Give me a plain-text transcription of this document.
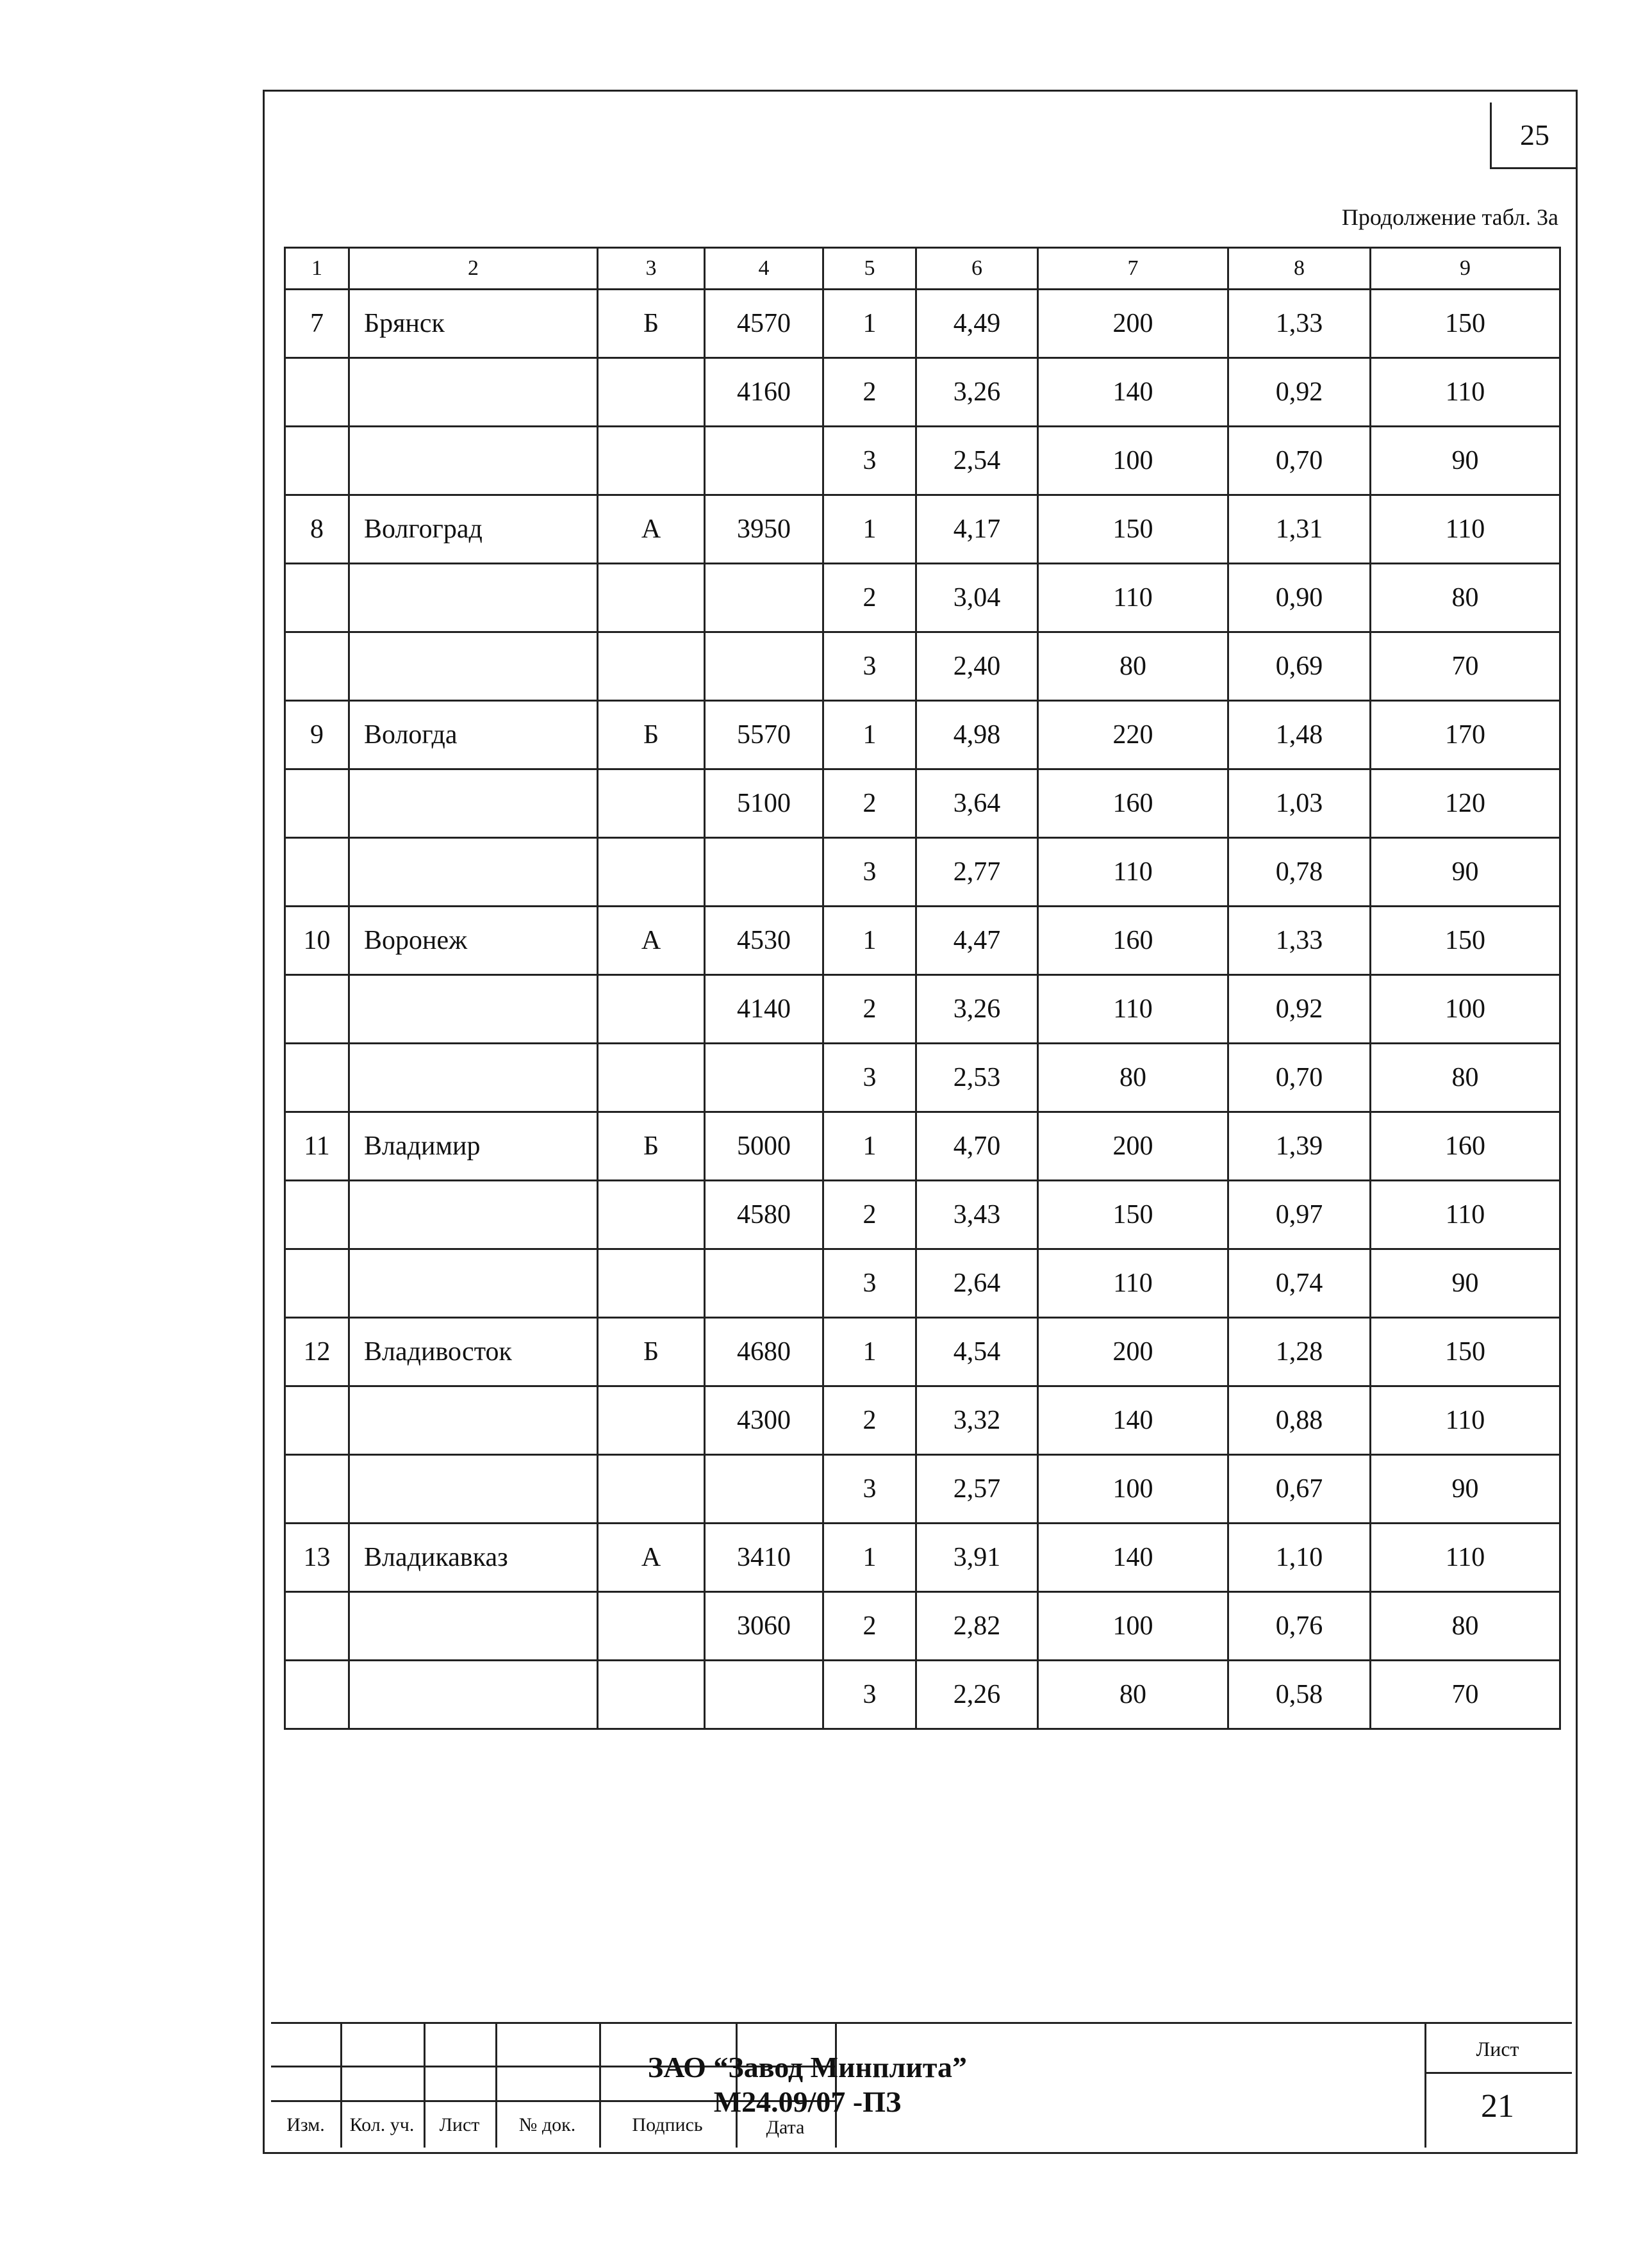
25
Продолжение табл. 3а
1	2	3	4	5	6	7	8	9
7	Брянск	Б	4570	1	4,49	200	1,33	150
			4160	2	3,26	140	0,92	110
				3	2,54	100	0,70	90
8	Волгоград	А	3950	1	4,17	150	1,31	110
				2	3,04	110	0,90	80
				3	2,40	80	0,69	70
9	Вологда	Б	5570	1	4,98	220	1,48	170
			5100	2	3,64	160	1,03	120
				3	2,77	110	0,78	90
10	Воронеж	А	4530	1	4,47	160	1,33	150
			4140	2	3,26	110	0,92	100
				3	2,53	80	0,70	80
11	Владимир	Б	5000	1	4,70	200	1,39	160
			4580	2	3,43	150	0,97	110
				3	2,64	110	0,74	90
12	Владивосток	Б	4680	1	4,54	200	1,28	150
			4300	2	3,32	140	0,88	110
				3	2,57	100	0,67	90
13	Владикавказ	А	3410	1	3,91	140	1,10	110
			3060	2	2,82	100	0,76	80
				3	2,26	80	0,58	70
Изм.	Кол. уч.	Лист	№ док.	Подпись	Дата
ЗАО “Завод Минплита”
М24.09/07 -ПЗ
Лист
21
